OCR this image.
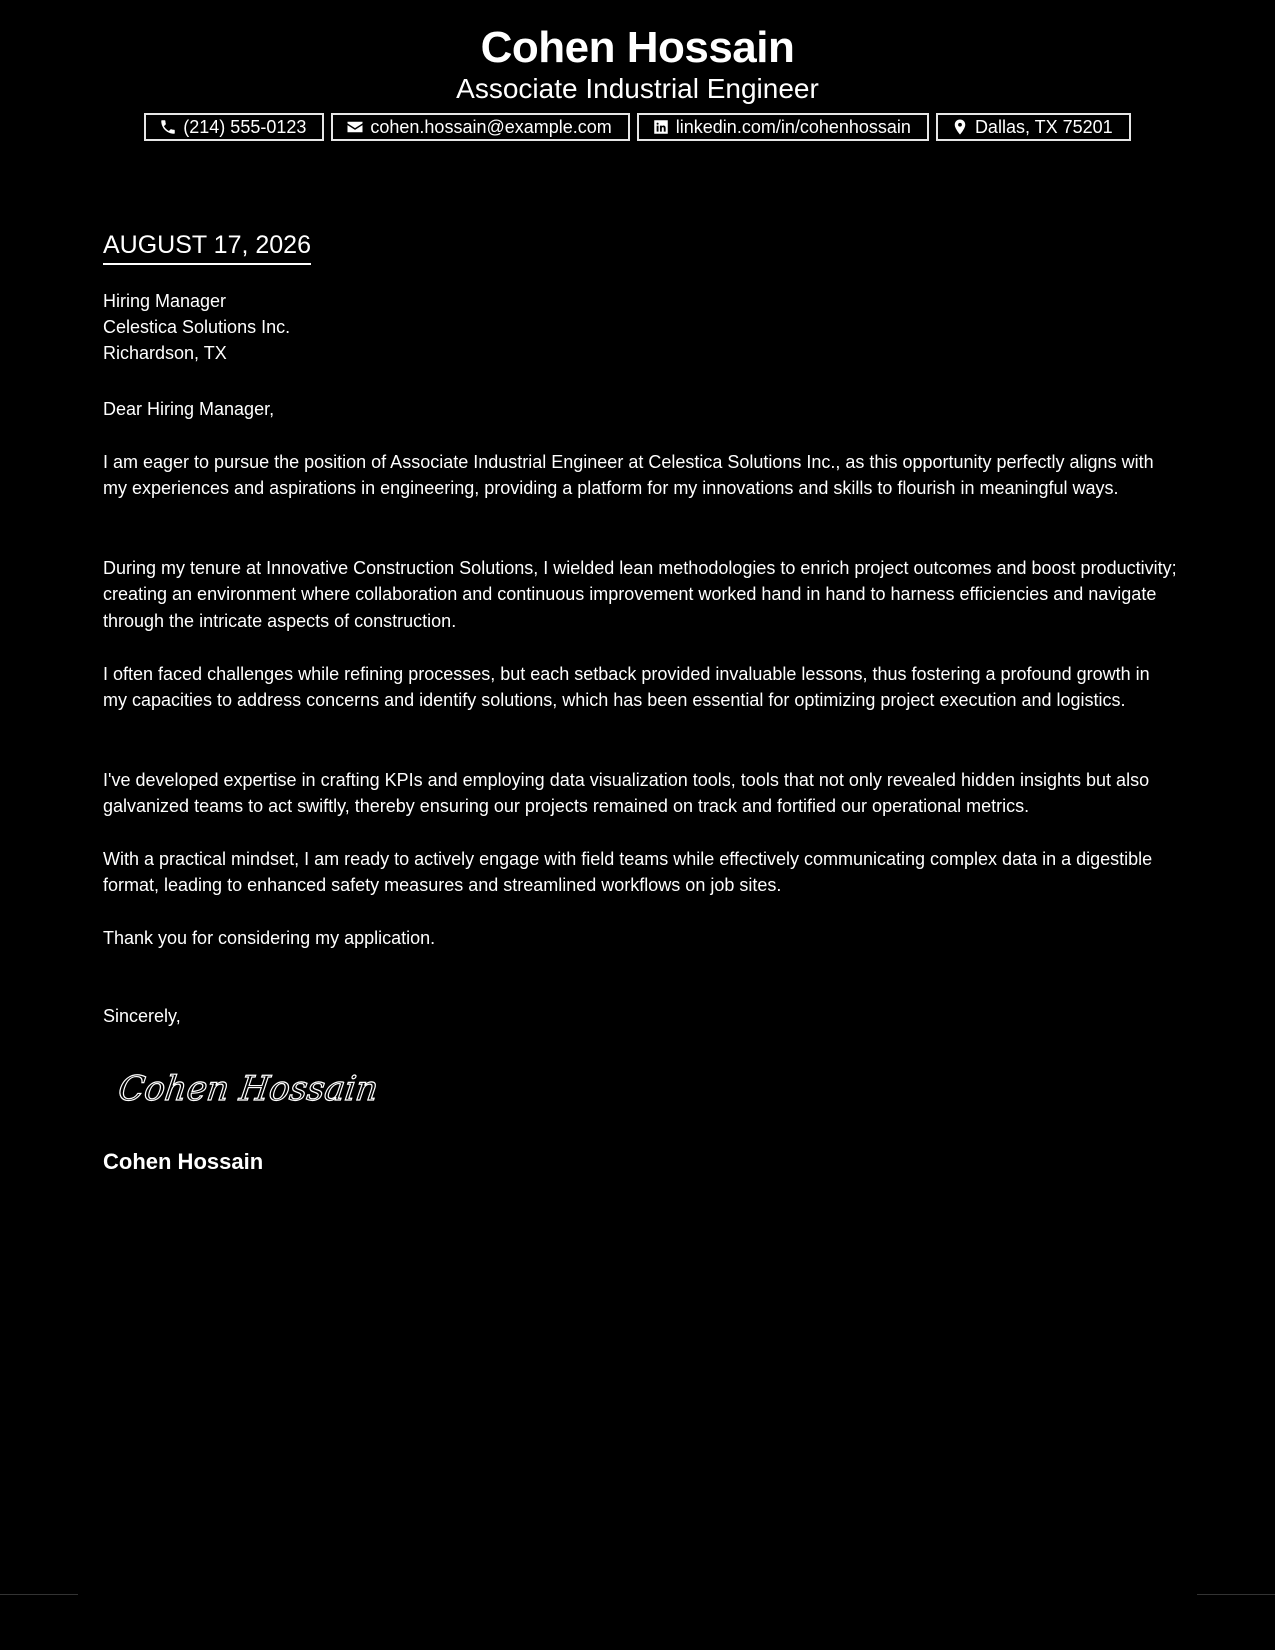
Cohen Hossain
Associate Industrial Engineer
(214) 555-0123	cohen.hossain@example.com	linkedin.com/in/cohenhossain	Dallas, TX 75201
AUGUST 17, 2026
Hiring Manager
Celestica Solutions Inc.
Richardson, TX
Dear Hiring Manager,

I am eager to pursue the position of Associate Industrial Engineer at Celestica Solutions Inc., as this opportunity perfectly aligns with my experiences and aspirations in engineering, providing a platform for my innovations and skills to flourish in meaningful ways.

During my tenure at Innovative Construction Solutions, I wielded lean methodologies to enrich project outcomes and boost productivity; creating an environment where collaboration and continuous improvement worked hand in hand to harness efficiencies and navigate through the intricate aspects of construction.

I often faced challenges while refining processes, but each setback provided invaluable lessons, thus fostering a profound growth in my capacities to address concerns and identify solutions, which has been essential for optimizing project execution and logistics.

I've developed expertise in crafting KPIs and employing data visualization tools, tools that not only revealed hidden insights but also galvanized teams to act swiftly, thereby ensuring our projects remained on track and fortified our operational metrics.

With a practical mindset, I am ready to actively engage with field teams while effectively communicating complex data in a digestible format, leading to enhanced safety measures and streamlined workflows on job sites.

Thank you for considering my application.

Sincerely,
Cohen Hossain
Cohen Hossain
